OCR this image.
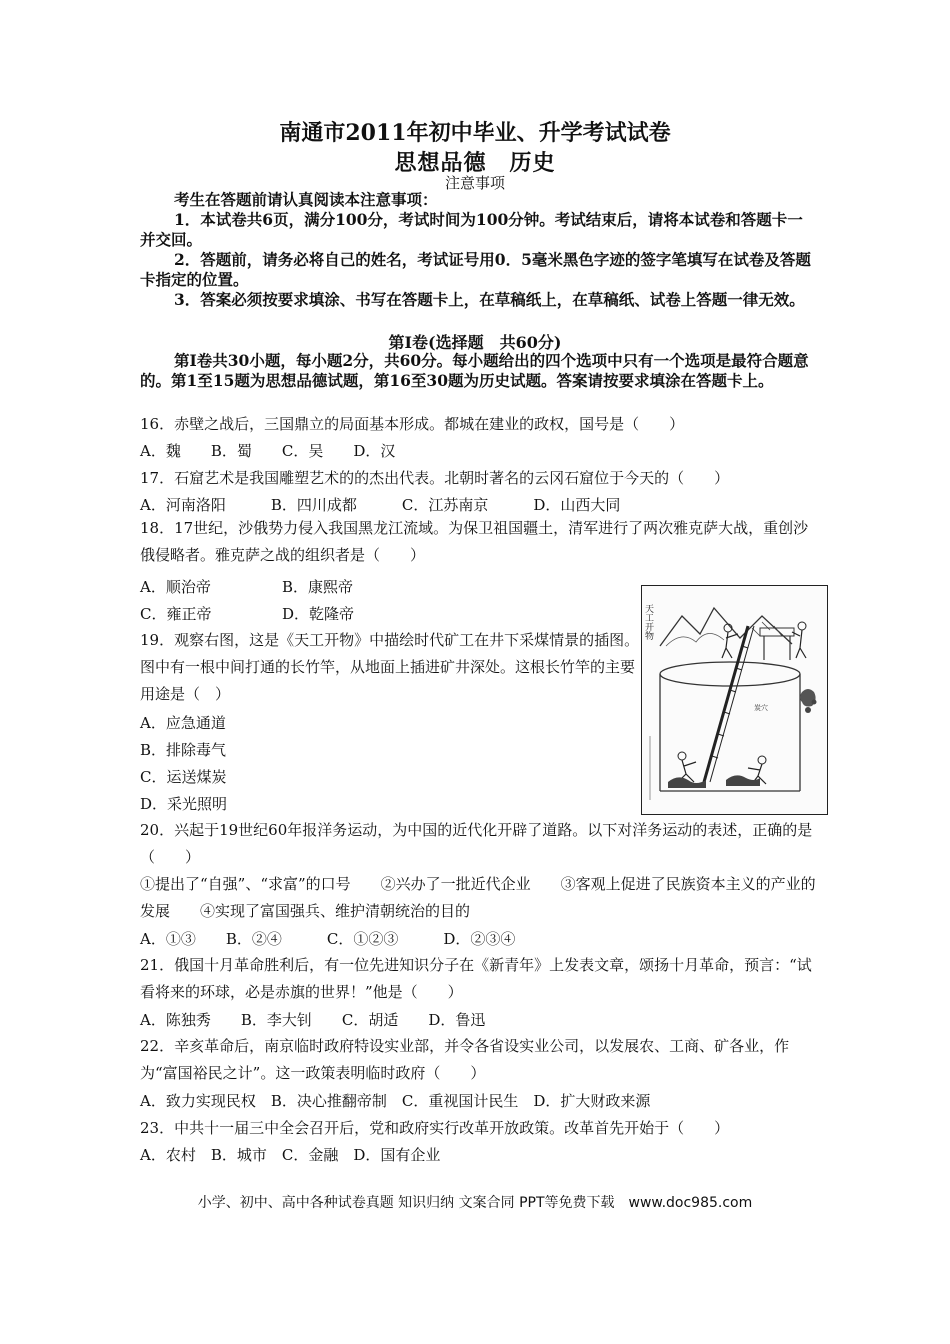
南通市2011年初中毕业、升学考试试卷
思想品德　历史
注意事项
考生在答题前请认真阅读本注意事项：
1．本试卷共6页，满分100分，考试时间为100分钟。考试结束后，请将本试卷和答题卡一并交回。
2．答题前，请务必将自己的姓名，考试证号用0．5毫米黑色字迹的签字笔填写在试卷及答题卡指定的位置。
3．答案必须按要求填涂、书写在答题卡上，在草稿纸上，在草稿纸、试卷上答题一律无效。
第Ⅰ卷(选择题　共60分)
第Ⅰ卷共30小题，每小题2分，共60分。每小题给出的四个选项中只有一个选项是最符合题意的。第1至15题为思想品德试题，第16至30题为历史试题。答案请按要求填涂在答题卡上。
16．赤壁之战后，三国鼎立的局面基本形成。都城在建业的政权，国号是（　　）
A．魏　　B．蜀　　C．吴　　D．汉
17．石窟艺术是我国雕塑艺术的的杰出代表。北朝时著名的云冈石窟位于今天的（　　）
A．河南洛阳　　　B．四川成都　　　C．江苏南京　　　D．山西大同
18．17世纪，沙俄势力侵入我国黑龙江流域。为保卫祖国疆土，清军进行了两次雅克萨大战，重创沙俄侵略者。雅克萨之战的组织者是（　　）
A．顺治帝	B．康熙帝
C．雍正帝	D．乾隆帝
19．观察右图，这是《天工开物》中描绘时代矿工在井下采煤情景的插图。图中有一根中间打通的长竹竿，从地面上插进矿井深处。这根长竹竿的主要用途是（　）
A．应急通道
B．排除毒气
C．运送煤炭
D．采光照明
天工开物
炭穴
20．兴起于19世纪60年报洋务运动，为中国的近代化开辟了道路。以下对洋务运动的表述，正确的是（　　）
①提出了“自强”、“求富”的口号　　②兴办了一批近代企业　　③客观上促进了民族资本主义的产业的发展　　④实现了富国强兵、维护清朝统治的目的
A．①③　　B．②④　　　C．①②③　　　D．②③④
21．俄国十月革命胜利后，有一位先进知识分子在《新青年》上发表文章，颂扬十月革命，预言：“试看将来的环球，必是赤旗的世界！”他是（　　）
A．陈独秀　　B．李大钊　　C．胡适　　D．鲁迅
22．辛亥革命后，南京临时政府特设实业部，并令各省设实业公司，以发展农、工商、矿各业，作为“富国裕民之计”。这一政策表明临时政府（　　）
A．致力实现民权　B．决心推翻帝制　C．重视国计民生　D．扩大财政来源
23．中共十一届三中全会召开后，党和政府实行改革开放政策。改革首先开始于（　　）
A．农村　B．城市　C．金融　D．国有企业
小学、初中、高中各种试卷真题 知识归纳 文案合同 PPT等免费下载　www.doc985.com
